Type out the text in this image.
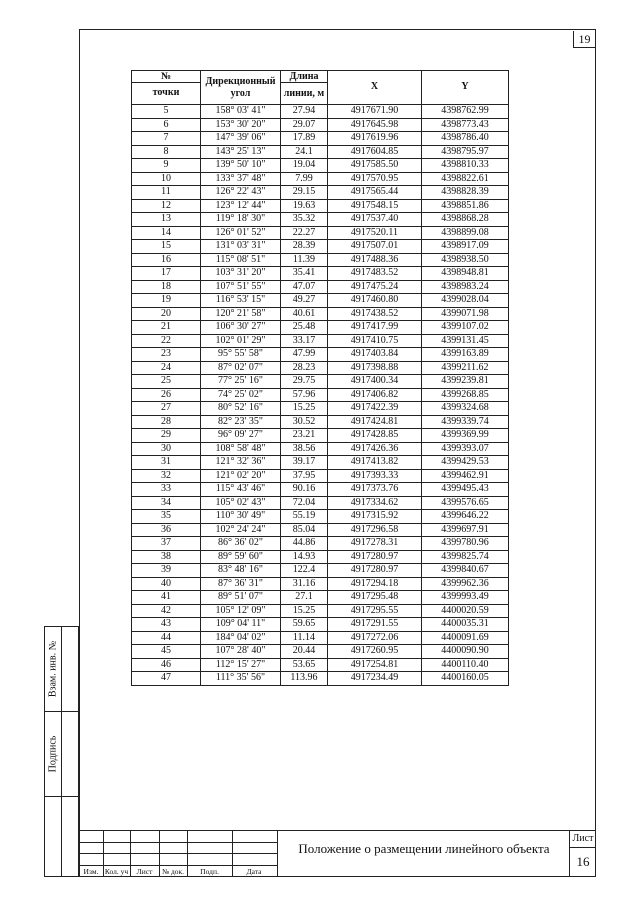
19
Взам. инв. №
Подпись
№	Дирекционный угол	Длина	X	Y
точки		линии, м		
5	158° 03' 41"	27.94	4917671.90	4398762.99
6	153° 30' 20"	29.07	4917645.98	4398773.43
7	147° 39' 06"	17.89	4917619.96	4398786.40
8	143° 25' 13"	24.1	4917604.85	4398795.97
9	139° 50' 10"	19.04	4917585.50	4398810.33
10	133° 37' 48"	7.99	4917570.95	4398822.61
11	126° 22' 43"	29.15	4917565.44	4398828.39
12	123° 12' 44"	19.63	4917548.15	4398851.86
13	119° 18' 30"	35.32	4917537.40	4398868.28
14	126° 01' 52"	22.27	4917520.11	4398899.08
15	131° 03' 31"	28.39	4917507.01	4398917.09
16	115° 08' 51"	11.39	4917488.36	4398938.50
17	103° 31' 20"	35.41	4917483.52	4398948.81
18	107° 51' 55"	47.07	4917475.24	4398983.24
19	116° 53' 15"	49.27	4917460.80	4399028.04
20	120° 21' 58"	40.61	4917438.52	4399071.98
21	106° 30' 27"	25.48	4917417.99	4399107.02
22	102° 01' 29"	33.17	4917410.75	4399131.45
23	95° 55' 58"	47.99	4917403.84	4399163.89
24	87° 02' 07"	28.23	4917398.88	4399211.62
25	77° 25' 16"	29.75	4917400.34	4399239.81
26	74° 25' 02"	57.96	4917406.82	4399268.85
27	80° 52' 16"	15.25	4917422.39	4399324.68
28	82° 23' 35"	30.52	4917424.81	4399339.74
29	96° 09' 27"	23.21	4917428.85	4399369.99
30	108° 58' 48"	38.56	4917426.36	4399393.07
31	121° 32' 36"	39.17	4917413.82	4399429.53
32	121° 02' 20"	37.95	4917393.33	4399462.91
33	115° 43' 46"	90.16	4917373.76	4399495.43
34	105° 02' 43"	72.04	4917334.62	4399576.65
35	110° 30' 49"	55.19	4917315.92	4399646.22
36	102° 24' 24"	85.04	4917296.58	4399697.91
37	86° 36' 02"	44.86	4917278.31	4399780.96
38	89° 59' 60"	14.93	4917280.97	4399825.74
39	83° 48' 16"	122.4	4917280.97	4399840.67
40	87° 36' 31"	31.16	4917294.18	4399962.36
41	89° 51' 07"	27.1	4917295.48	4399993.49
42	105° 12' 09"	15.25	4917295.55	4400020.59
43	109° 04' 11"	59.65	4917291.55	4400035.31
44	184° 04' 02"	11.14	4917272.06	4400091.69
45	107° 28' 40"	20.44	4917260.95	4400090.90
46	112° 15' 27"	53.65	4917254.81	4400110.40
47	111° 35' 56"	113.96	4917234.49	4400160.05
Изм. Кол. уч	Лист	№ док.	Подп.	Дата
Положение о размещении линейного объекта
Лист
16
